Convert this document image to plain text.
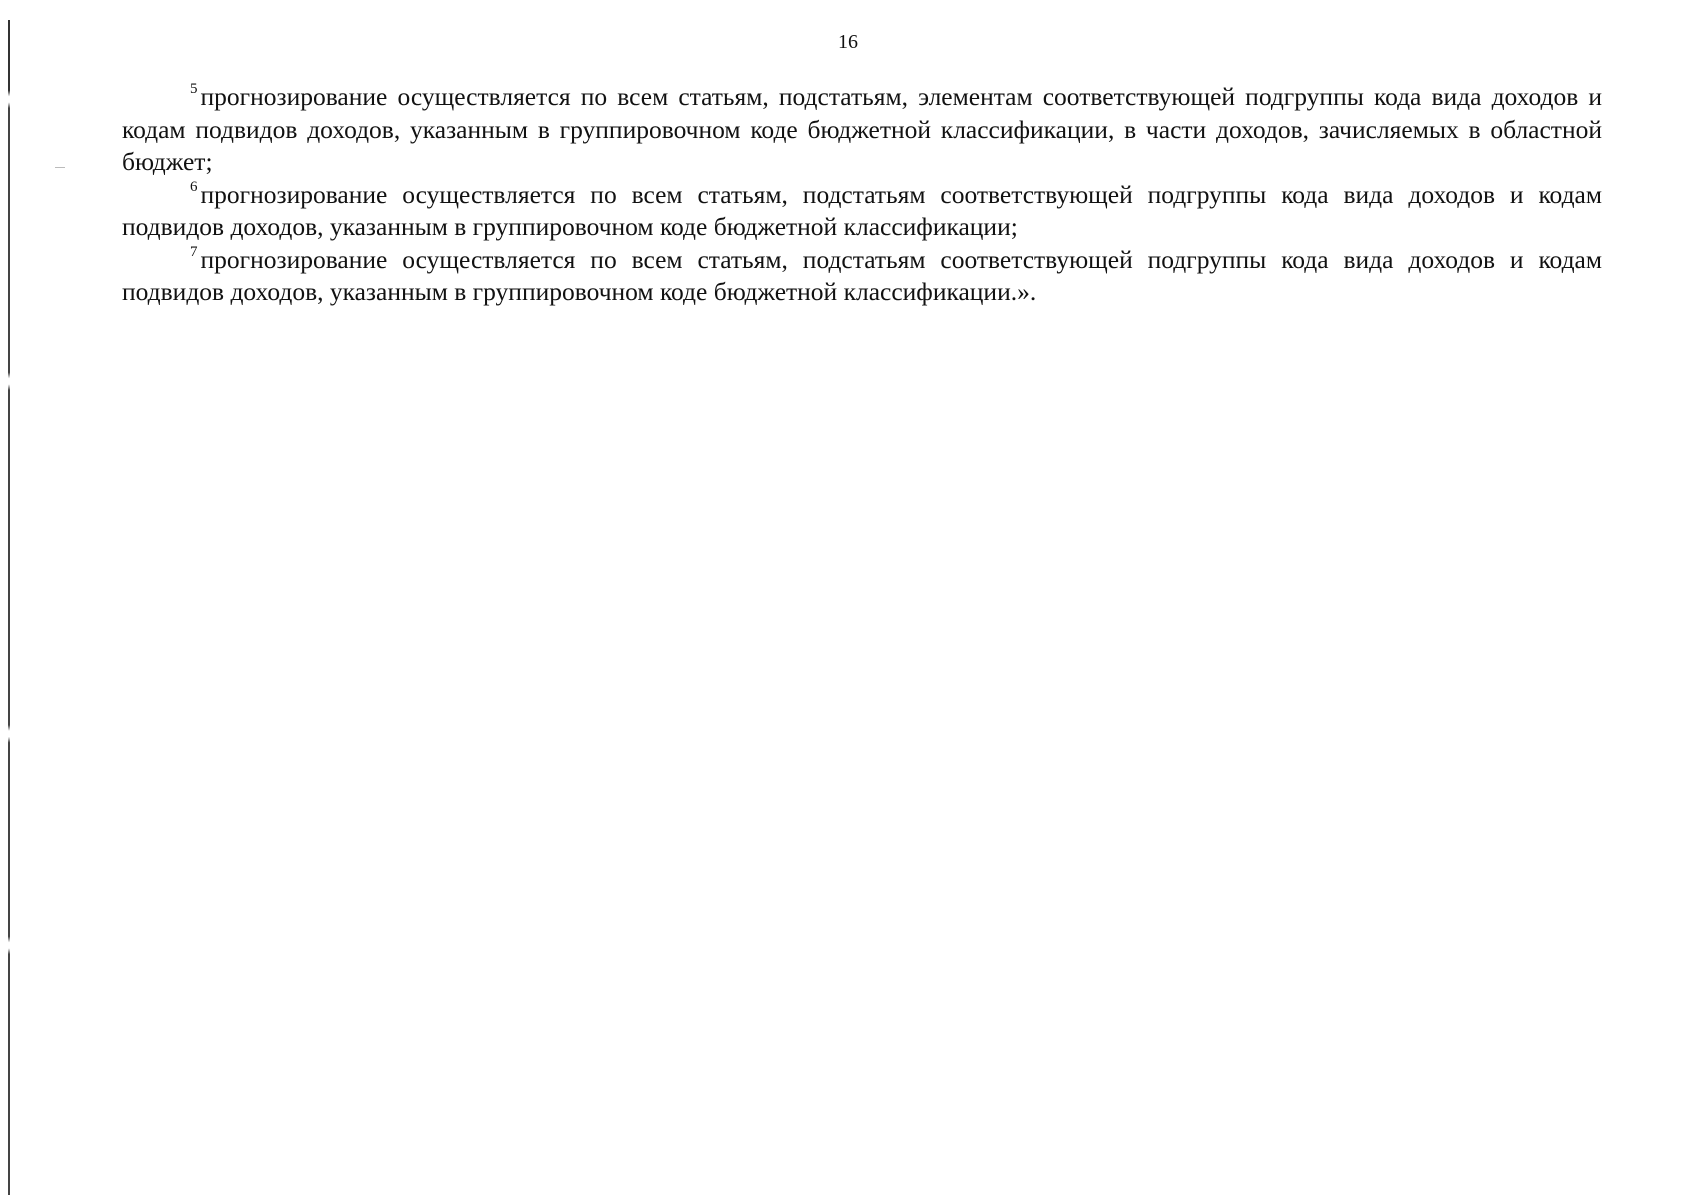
16

$^5$ прогнозирование осуществляется по всем статьям, подстатьям, элементам соответствующей подгруппы кода вида доходов и кодам подвидов доходов, указанным в группировочном коде бюджетной классификации, в части доходов, зачисляемых в областной бюджет;

$^6$ прогнозирование осуществляется по всем статьям, подстатьям соответствующей подгруппы кода вида доходов и кодам подвидов доходов, указанным в группировочном коде бюджетной классификации;

$^7$ прогнозирование осуществляется по всем статьям, подстатьям соответствующей подгруппы кода вида доходов и кодам подвидов доходов, указанным в группировочном коде бюджетной классификации.».
